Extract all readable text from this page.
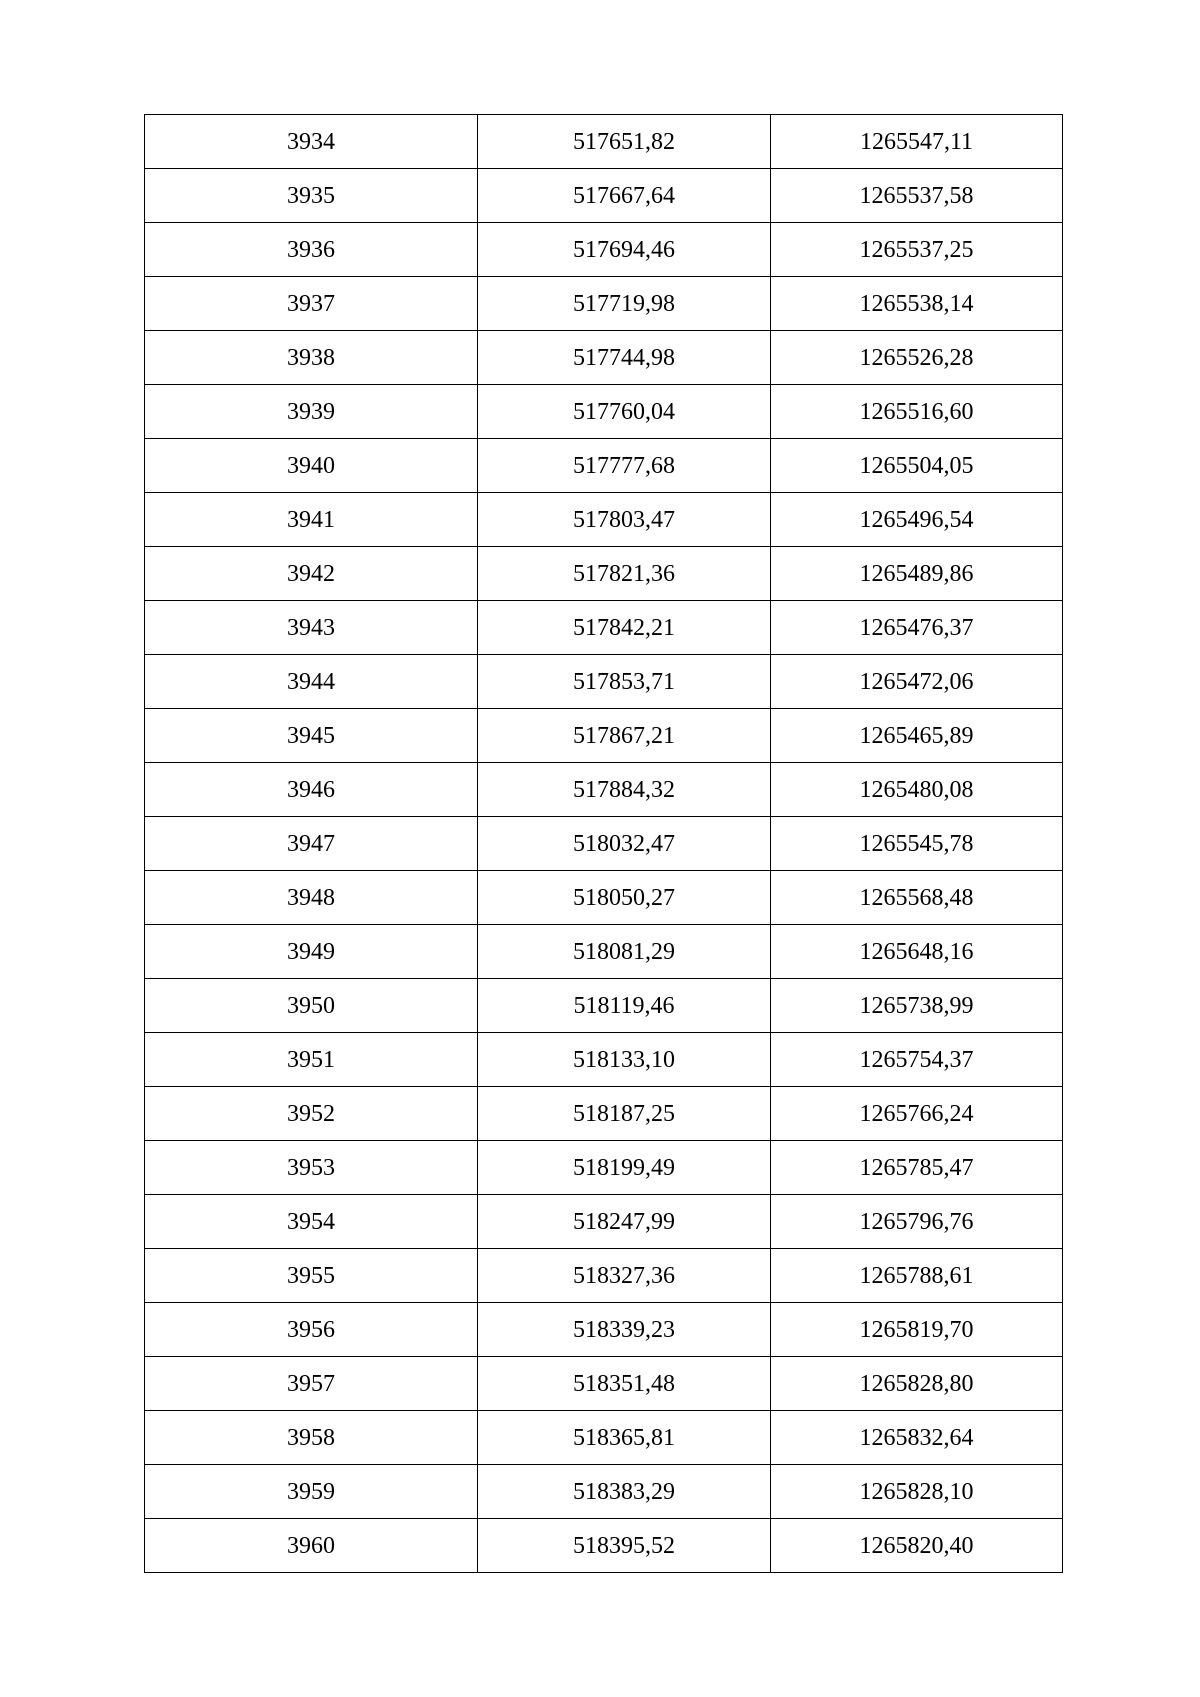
3934	517651,82	1265547,11
3935	517667,64	1265537,58
3936	517694,46	1265537,25
3937	517719,98	1265538,14
3938	517744,98	1265526,28
3939	517760,04	1265516,60
3940	517777,68	1265504,05
3941	517803,47	1265496,54
3942	517821,36	1265489,86
3943	517842,21	1265476,37
3944	517853,71	1265472,06
3945	517867,21	1265465,89
3946	517884,32	1265480,08
3947	518032,47	1265545,78
3948	518050,27	1265568,48
3949	518081,29	1265648,16
3950	518119,46	1265738,99
3951	518133,10	1265754,37
3952	518187,25	1265766,24
3953	518199,49	1265785,47
3954	518247,99	1265796,76
3955	518327,36	1265788,61
3956	518339,23	1265819,70
3957	518351,48	1265828,80
3958	518365,81	1265832,64
3959	518383,29	1265828,10
3960	518395,52	1265820,40
